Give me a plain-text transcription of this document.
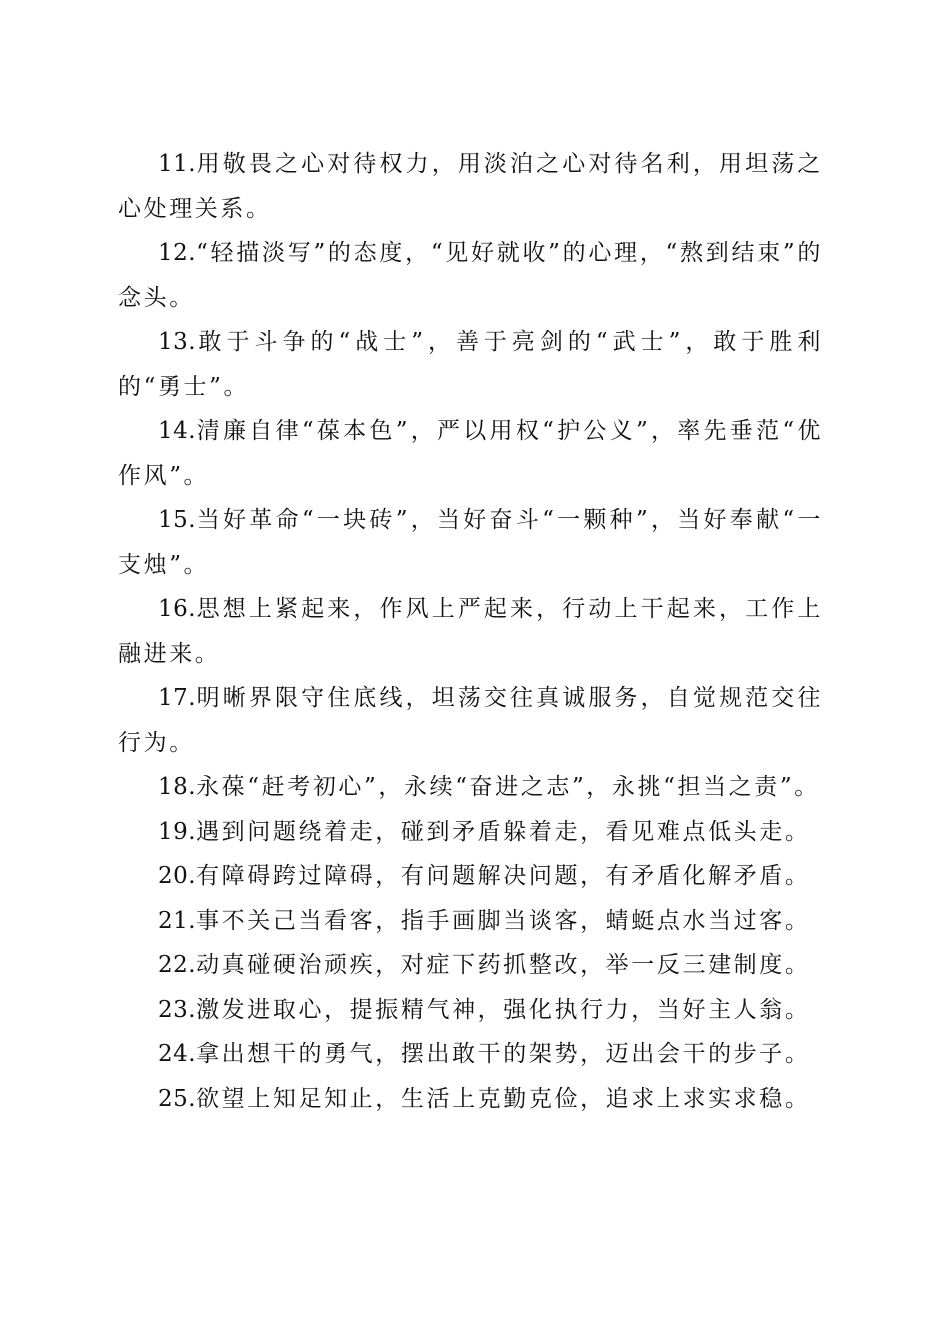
11.用敬畏之心对待权力，用淡泊之心对待名利，用坦荡之心处理关系。

12.“轻描淡写”的态度，“见好就收”的心理，“熬到结束”的念头。

13.敢于斗争的“战士”，善于亮剑的“武士”，敢于胜利的“勇士”。

14.清廉自律“葆本色”，严以用权“护公义”，率先垂范“优作风”。

15.当好革命“一块砖”，当好奋斗“一颗种”，当好奉献“一支烛”。

16.思想上紧起来，作风上严起来，行动上干起来，工作上融进来。

17.明晰界限守住底线，坦荡交往真诚服务，自觉规范交往行为。

18.永葆“赶考初心”，永续“奋进之志”，永挑“担当之责”。

19.遇到问题绕着走，碰到矛盾躲着走，看见难点低头走。

20.有障碍跨过障碍，有问题解决问题，有矛盾化解矛盾。

21.事不关己当看客，指手画脚当谈客，蜻蜓点水当过客。

22.动真碰硬治顽疾，对症下药抓整改，举一反三建制度。

23.激发进取心，提振精气神，强化执行力，当好主人翁。

24.拿出想干的勇气，摆出敢干的架势，迈出会干的步子。

25.欲望上知足知止，生活上克勤克俭，追求上求实求稳。
